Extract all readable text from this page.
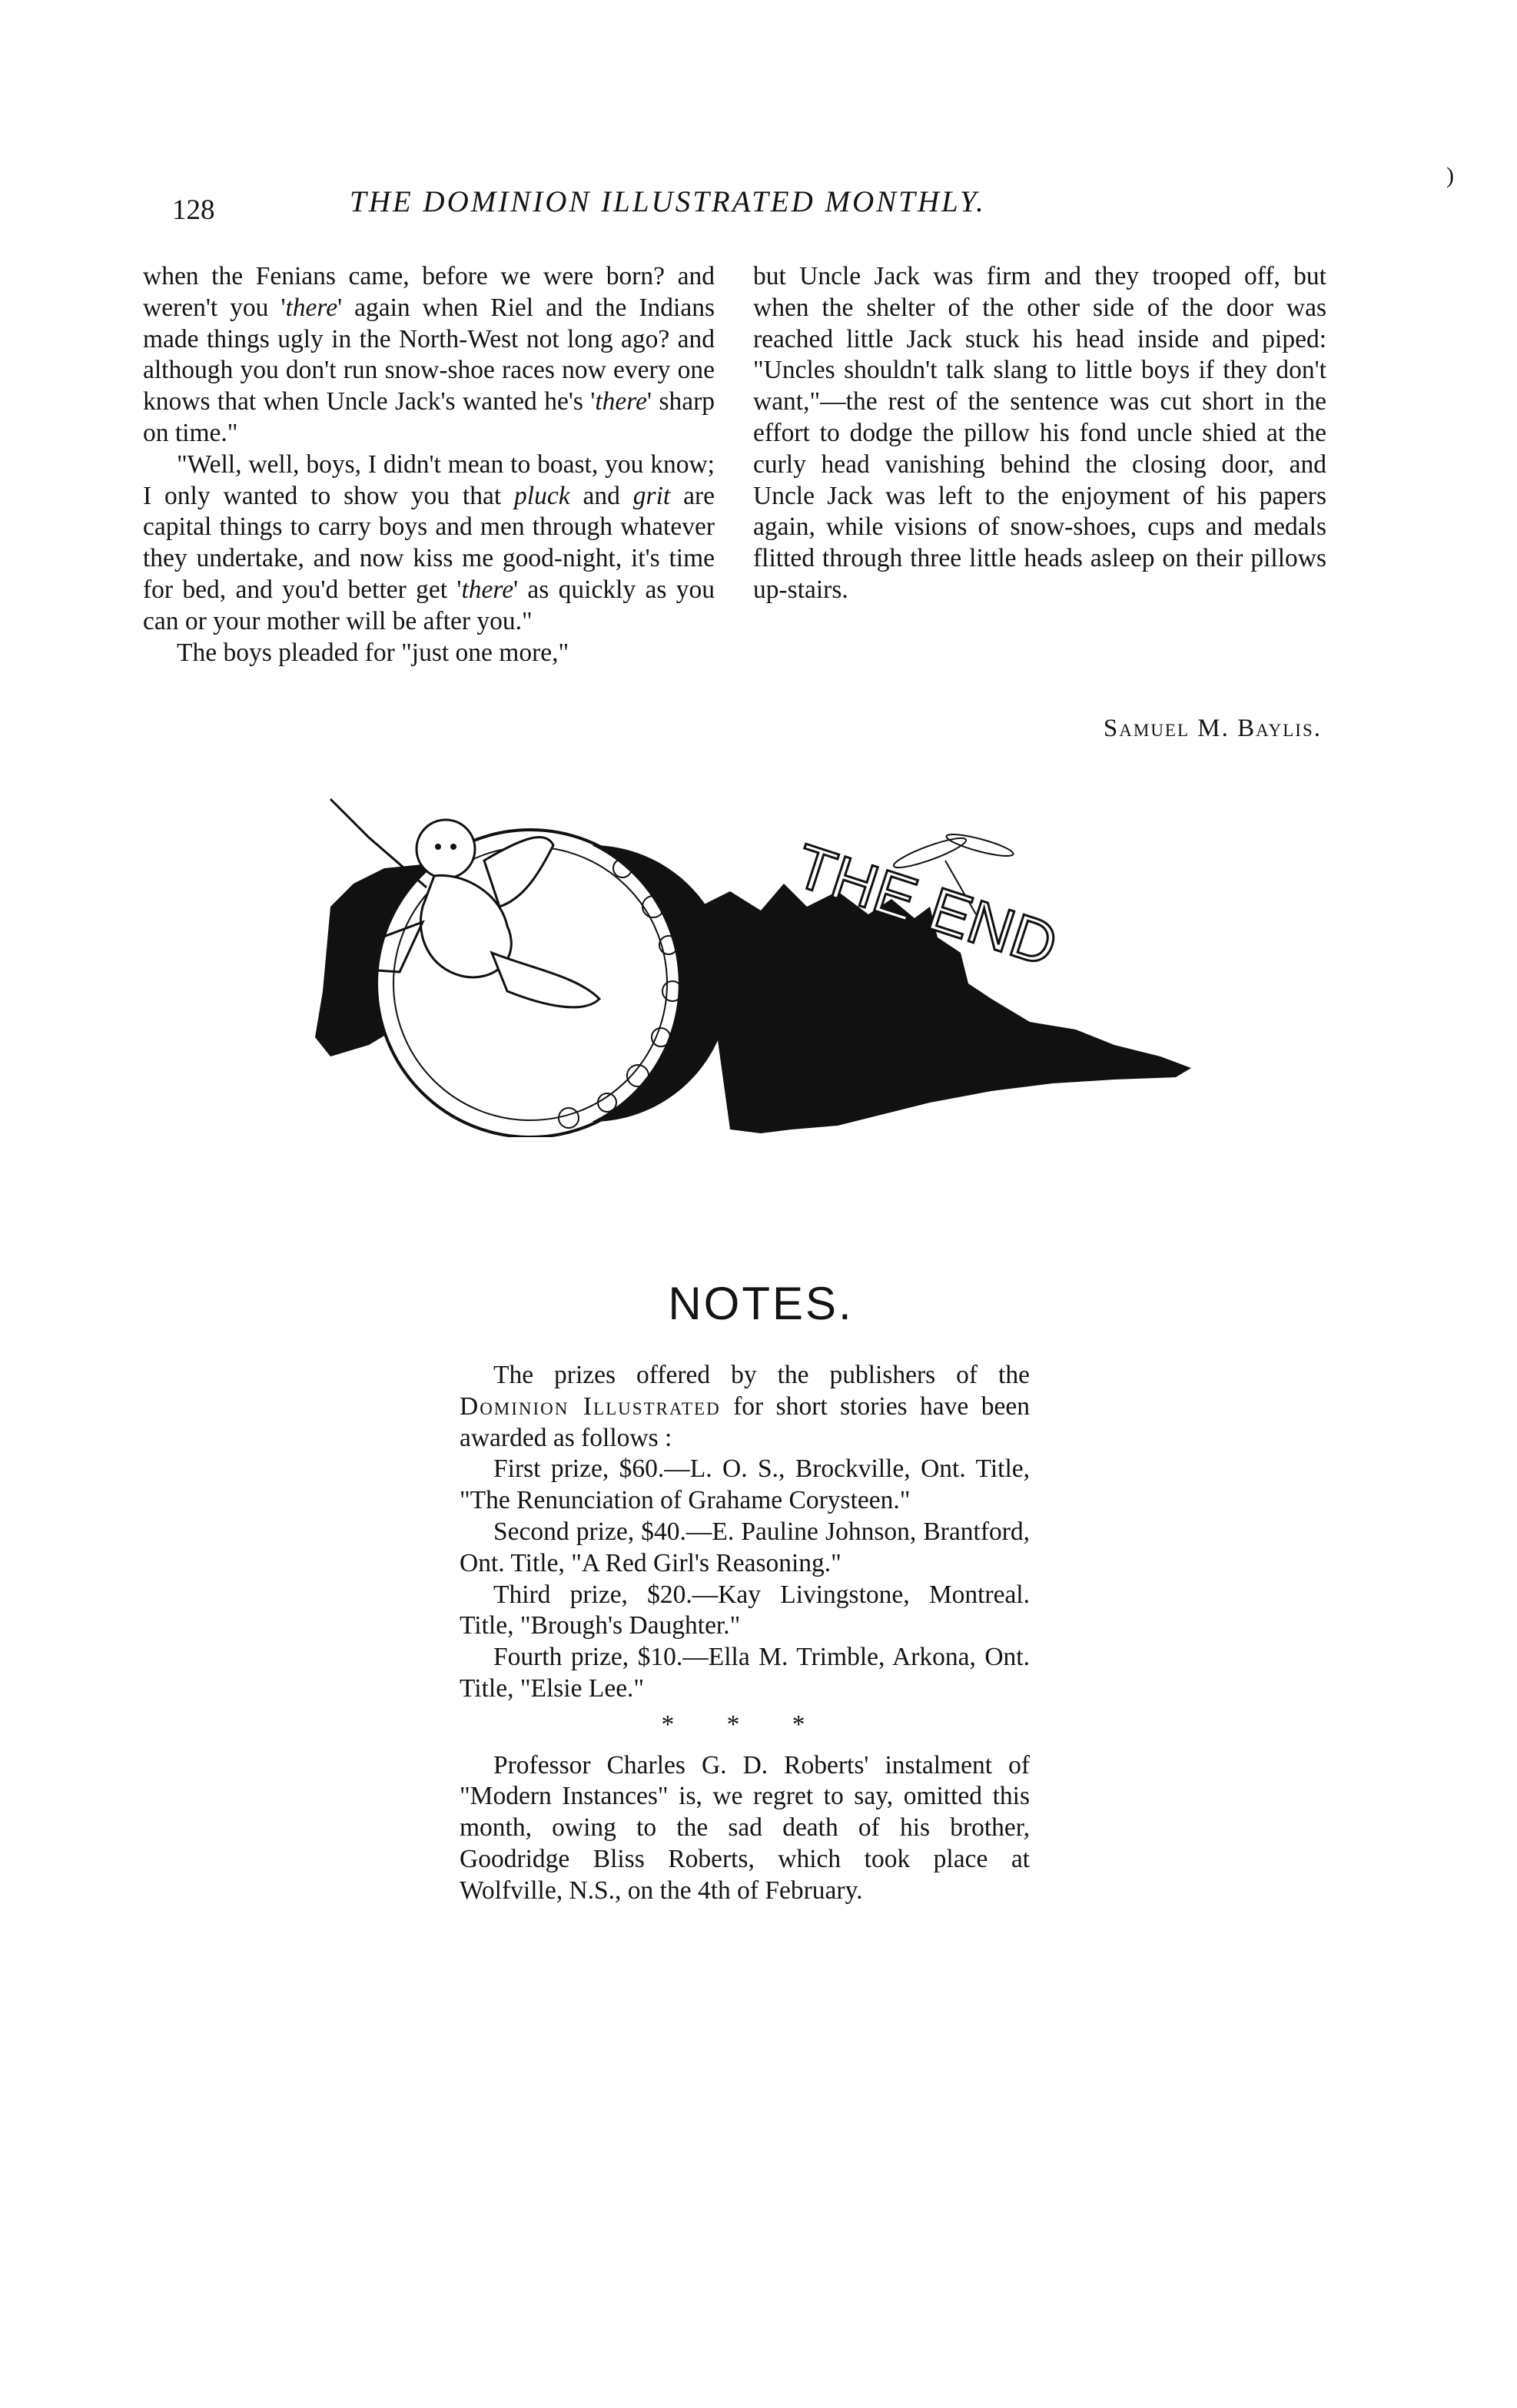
128	THE DOMINION ILLUSTRATED MONTHLY.
)

when the Fenians came, before we were born? and weren't you 'there' again when Riel and the Indians made things ugly in the North-West not long ago? and although you don't run snow-shoe races now every one knows that when Uncle Jack's wanted he's 'there' sharp on time."

"Well, well, boys, I didn't mean to boast, you know; I only wanted to show you that pluck and grit are capital things to carry boys and men through whatever they undertake, and now kiss me good-night, it's time for bed, and you'd better get 'there' as quickly as you can or your mother will be after you."

The boys pleaded for "just one more,"

but Uncle Jack was firm and they trooped off, but when the shelter of the other side of the door was reached little Jack stuck his head inside and piped: "Uncles shouldn't talk slang to little boys if they don't want,"—the rest of the sentence was cut short in the effort to dodge the pillow his fond uncle shied at the curly head vanishing behind the closing door, and Uncle Jack was left to the enjoyment of his papers again, while visions of snow-shoes, cups and medals flitted through three little heads asleep on their pillows up-stairs.

Samuel M. Baylis.
THE END
NOTES.

The prizes offered by the publishers of the Dominion Illustrated for short stories have been awarded as follows :

First prize, $60.—L. O. S., Brockville, Ont. Title, "The Renunciation of Grahame Corysteen."

Second prize, $40.—E. Pauline Johnson, Brantford, Ont. Title, "A Red Girl's Reasoning."

Third prize, $20.—Kay Livingstone, Montreal. Title, "Brough's Daughter."

Fourth prize, $10.—Ella M. Trimble, Arkona, Ont. Title, "Elsie Lee."

* * *

Professor Charles G. D. Roberts' instalment of "Modern Instances" is, we regret to say, omitted this month, owing to the sad death of his brother, Goodridge Bliss Roberts, which took place at Wolfville, N.S., on the 4th of February.
